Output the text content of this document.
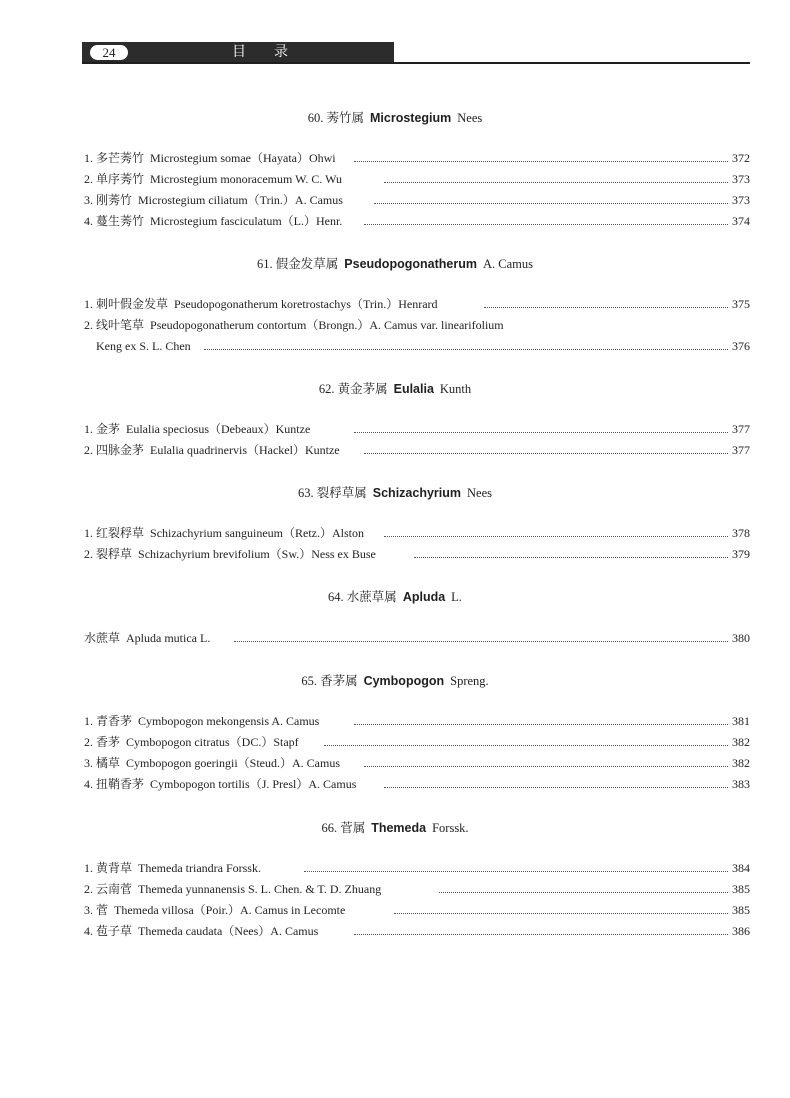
24	目录
60. 莠竹属 Microstegium Nees
1. 多芒莠竹 Microstegium somae（Hayata）Ohwi	372
2. 单序莠竹 Microstegium monoracemum W. C. Wu	373
3. 刚莠竹 Microstegium ciliatum（Trin.）A. Camus	373
4. 蔓生莠竹 Microstegium fasciculatum（L.）Henr.	374
61. 假金发草属 Pseudopogonatherum A. Camus
1. 刺叶假金发草 Pseudopogonatherum koretrostachys（Trin.）Henrard	375
2. 线叶笔草 Pseudopogonatherum contortum（Brongn.）A. Camus var. linearifolium
Keng ex S. L. Chen	376
62. 黄金茅属 Eulalia Kunth
1. 金茅 Eulalia speciosus（Debeaux）Kuntze	377
2. 四脉金茅 Eulalia quadrinervis（Hackel）Kuntze	377
63. 裂稃草属 Schizachyrium Nees
1. 红裂稃草 Schizachyrium sanguineum（Retz.）Alston	378
2. 裂稃草 Schizachyrium brevifolium（Sw.）Ness ex Buse	379
64. 水蔗草属 Apluda L.
水蔗草 Apluda mutica L.	380
65. 香茅属 Cymbopogon Spreng.
1. 青香茅 Cymbopogon mekongensis A. Camus	381
2. 香茅 Cymbopogon citratus（DC.）Stapf	382
3. 橘草 Cymbopogon goeringii（Steud.）A. Camus	382
4. 扭鞘香茅 Cymbopogon tortilis（J. Presl）A. Camus	383
66. 菅属 Themeda Forssk.
1. 黄背草 Themeda triandra Forssk.	384
2. 云南菅 Themeda yunnanensis S. L. Chen. & T. D. Zhuang	385
3. 菅 Themeda villosa（Poir.）A. Camus in Lecomte	385
4. 苞子草 Themeda caudata（Nees）A. Camus	386
